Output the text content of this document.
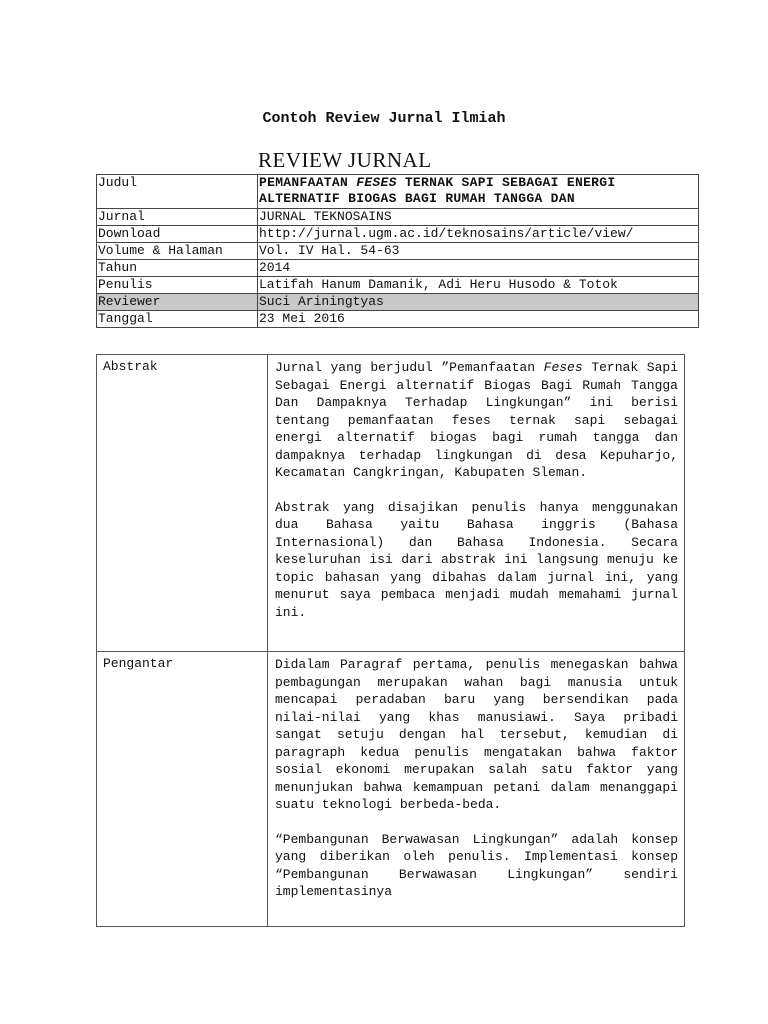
Contoh Review Jurnal Ilmiah
REVIEW JURNAL
Judul	PEMANFAATAN FESES TERNAK SAPI SEBAGAI ENERGI ALTERNATIF BIOGAS BAGI RUMAH TANGGA DAN
Jurnal	JURNAL TEKNOSAINS
Download	http://jurnal.ugm.ac.id/teknosains/article/view/
Volume & Halaman	Vol. IV Hal. 54-63
Tahun	2014
Penulis	Latifah Hanum Damanik, Adi Heru Husodo & Totok
Reviewer	Suci Ariningtyas
Tanggal	23 Mei 2016
Abstrak	Jurnal yang berjudul ”Pemanfaatan Feses Ternak Sapi Sebagai Energi alternatif Biogas Bagi Rumah Tangga Dan Dampaknya Terhadap Lingkungan” ini berisi tentang pemanfaatan feses ternak sapi sebagai energi alternatif biogas bagi rumah tangga dan dampaknya terhadap lingkungan di desa Kepuharjo, Kecamatan Cangkringan, Kabupaten Sleman.

Abstrak yang disajikan penulis hanya menggunakan dua Bahasa yaitu Bahasa inggris (Bahasa Internasional) dan Bahasa Indonesia. Secara keseluruhan isi dari abstrak ini langsung menuju ke topic bahasan yang dibahas dalam jurnal ini, yang menurut saya pembaca menjadi mudah memahami jurnal ini.

Pengantar	Didalam Paragraf pertama, penulis menegaskan bahwa pembagungan merupakan wahan bagi manusia untuk mencapai peradaban baru yang bersendikan pada nilai-nilai yang khas manusiawi. Saya pribadi sangat setuju dengan hal tersebut, kemudian di paragraph kedua penulis mengatakan bahwa faktor sosial ekonomi merupakan salah satu faktor yang menunjukan bahwa kemampuan petani dalam menanggapi suatu teknologi berbeda-beda.

“Pembangunan Berwawasan Lingkungan” adalah konsep yang diberikan oleh penulis. Implementasi konsep “Pembangunan Berwawasan Lingkungan” sendiri implementasinya
